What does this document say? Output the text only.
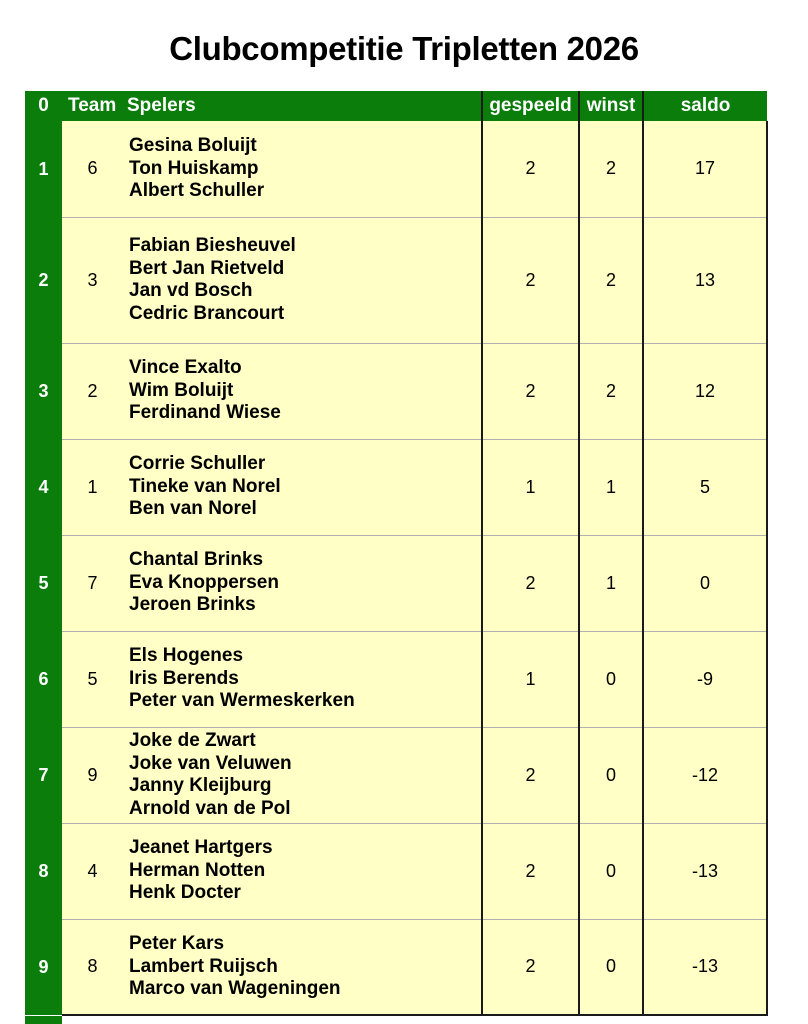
Clubcompetitie Tripletten 2026
0	Team	Spelers	gespeeld	winst	saldo
1	6	Gesina Boluijt
Ton Huiskamp
Albert Schuller	2	2	17
2	3	Fabian Biesheuvel
Bert Jan Rietveld
Jan vd Bosch
Cedric Brancourt	2	2	13
3	2	Vince Exalto
Wim Boluijt
Ferdinand Wiese	2	2	12
4	1	Corrie Schuller
Tineke van Norel
Ben van Norel	1	1	5
5	7	Chantal Brinks
Eva Knoppersen
Jeroen Brinks	2	1	0
6	5	Els Hogenes
Iris Berends
Peter van Wermeskerken	1	0	-9
7	9	Joke de Zwart
Joke van Veluwen
Janny Kleijburg
Arnold van de Pol	2	0	-12
8	4	Jeanet Hartgers
Herman Notten
Henk Docter	2	0	-13
9	8	Peter Kars
Lambert Ruijsch
Marco van Wageningen	2	0	-13
